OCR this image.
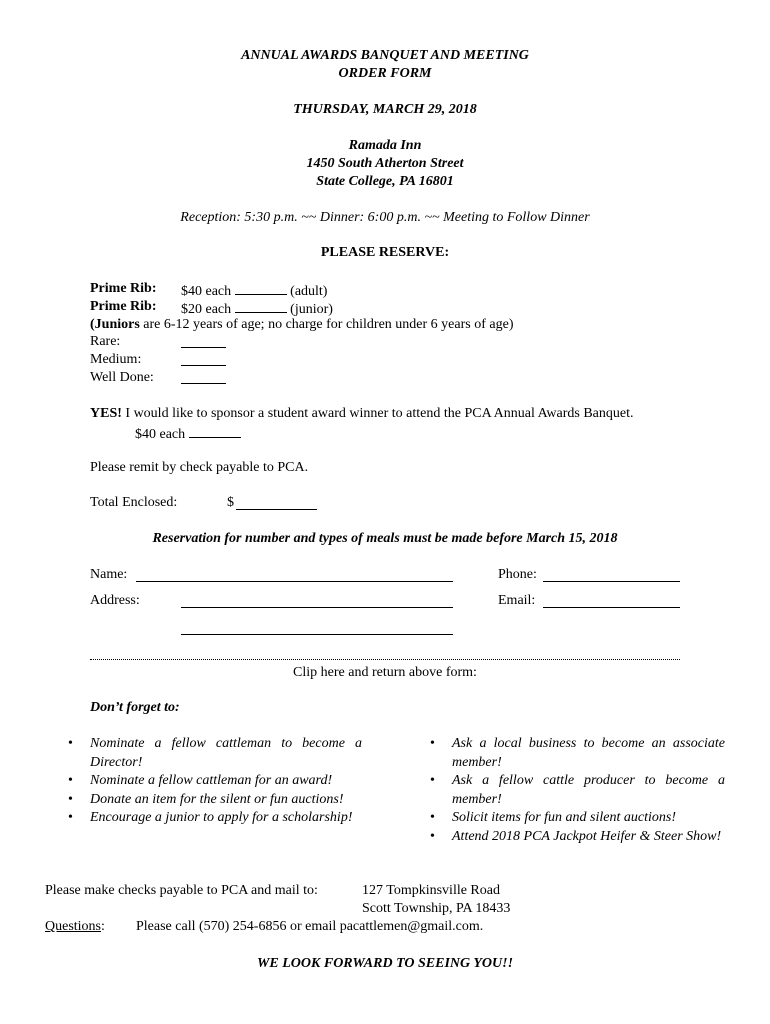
ANNUAL AWARDS BANQUET AND MEETING
ORDER FORM
THURSDAY, MARCH 29, 2018
Ramada Inn
1450 South Atherton Street
State College, PA 16801
Reception: 5:30 p.m. ~~ Dinner: 6:00 p.m. ~~ Meeting to Follow Dinner
PLEASE RESERVE:
Prime Rib: $40 each	(adult)
Prime Rib: $20 each	(junior)
(Juniors are 6-12 years of age; no charge for children under 6 years of age)
Rare:
Medium:
Well Done:
YES! I would like to sponsor a student award winner to attend the PCA Annual Awards Banquet.
$40 each
Please remit by check payable to PCA.
Total Enclosed:	$
Reservation for number and types of meals must be made before March 15, 2018
Name:	Phone:
Address:	Email:
Clip here and return above form:
Don’t forget to:
• Nominate a fellow cattleman to become a Director!
• Nominate a fellow cattleman for an award!
• Donate an item for the silent or fun auctions!
• Encourage a junior to apply for a scholarship!
• Ask a local business to become an associate member!
• Ask a fellow cattle producer to become a member!
• Solicit items for fun and silent auctions!
• Attend 2018 PCA Jackpot Heifer & Steer Show!
Please make checks payable to PCA and mail to:	127 Tompkinsville Road
Scott Township, PA 18433
Questions: Please call (570) 254-6856 or email pacattlemen@gmail.com.
WE LOOK FORWARD TO SEEING YOU!!
